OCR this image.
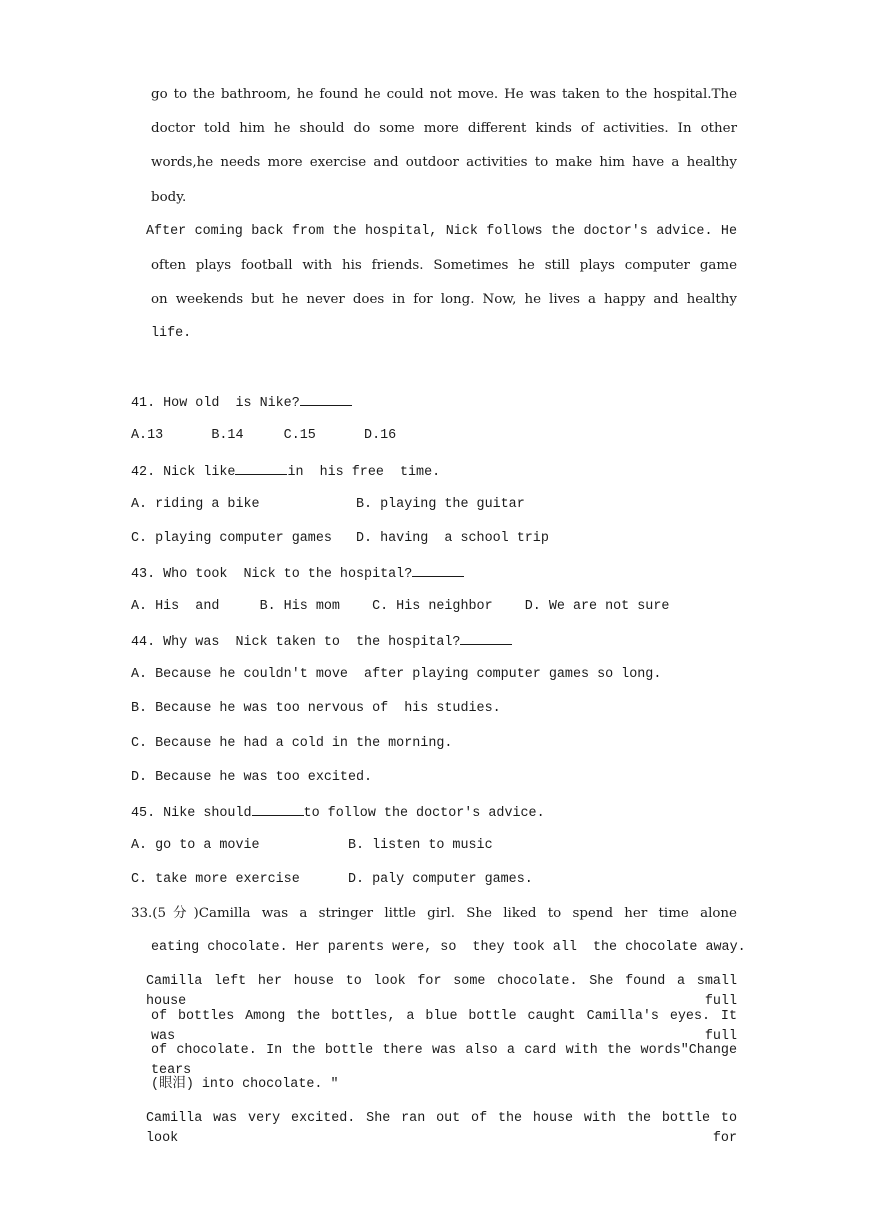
go to the bathroom, he found he could not move. He was taken to the hospital.The
doctor told him he should do some more different kinds of activities. In other
words,he needs more exercise and outdoor activities to make him have a healthy
body.
After coming back from the hospital, Nick follows the doctor's advice. He
often plays football with his friends. Sometimes he still plays computer game
on weekends but he never does in for long. Now, he lives a happy and healthy
life.
41. How old  is Nike?
A.13      B.14     C.15      D.16
42. Nick like	in  his free  time.
A. riding a bike            B. playing the guitar
C. playing computer games   D. having  a school trip
43. Who took  Nick to the hospital?
A. His  and     B. His mom    C. His neighbor    D. We are not sure
44. Why was  Nick taken to  the hospital?
A. Because he couldn't move  after playing computer games so long.
B. Because he was too nervous of  his studies.
C. Because he had a cold in the morning.
D. Because he was too excited.
45. Nike should	to follow the doctor's advice.
A. go to a movie           B. listen to music
C. take more exercise      D. paly computer games.
33.(5分)Camilla was a stringer little girl. She liked to spend her time alone
eating chocolate. Her parents were, so  they took all  the chocolate away.
Camilla left her house to look for some chocolate. She found a small house full
of bottles Among the bottles, a blue bottle caught Camilla's eyes. It was full
of chocolate. In the bottle there was also a card with the words"Change tears
(眼泪) into chocolate. "
Camilla was very excited. She ran out of the house with the bottle to look for
